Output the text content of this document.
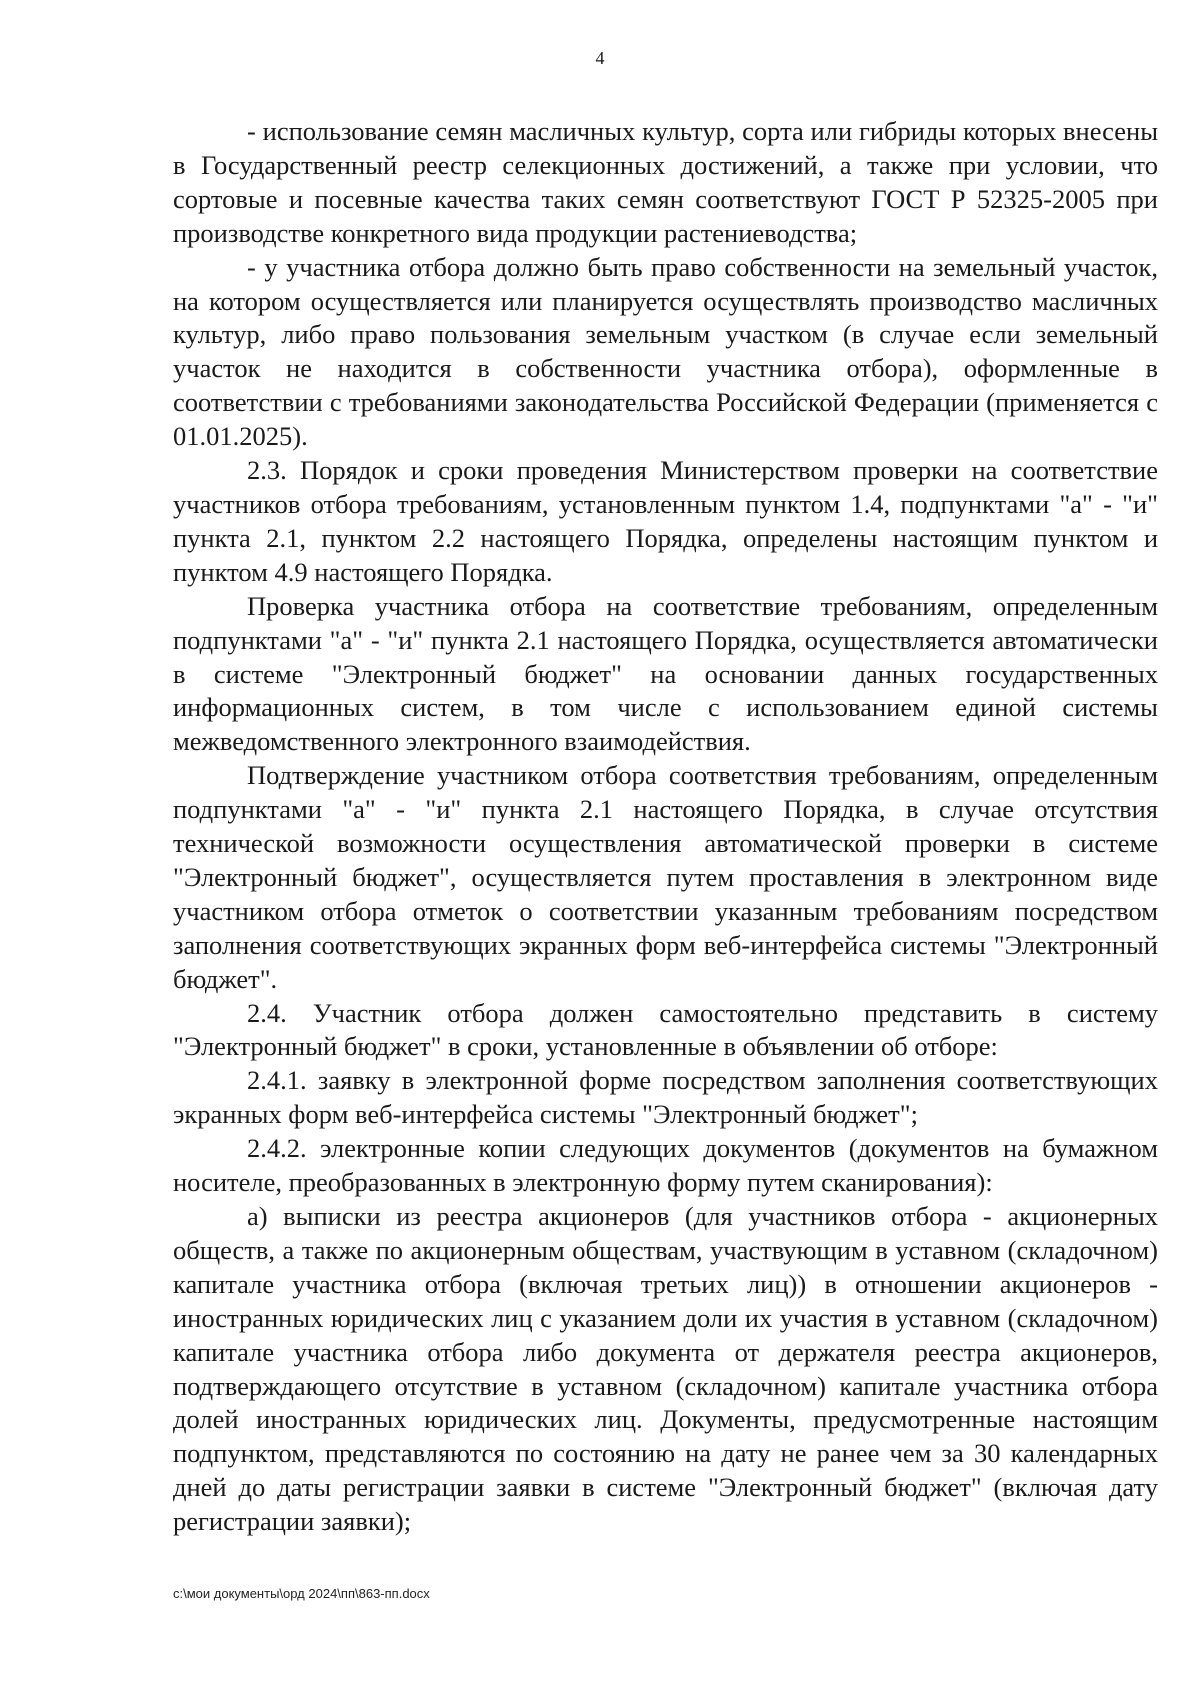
4

- использование семян масличных культур, сорта или гибриды которых внесены в Государственный реестр селекционных достижений, а также при условии, что сортовые и посевные качества таких семян соответствуют ГОСТ Р 52325-2005 при производстве конкретного вида продукции растениеводства;

- у участника отбора должно быть право собственности на земельный участок, на котором осуществляется или планируется осуществлять производство масличных культур, либо право пользования земельным участком (в случае если земельный участок не находится в собственности участника отбора), оформленные в соответствии с требованиями законодательства Российской Федерации (применяется с 01.01.2025).

2.3. Порядок и сроки проведения Министерством проверки на соответствие участников отбора требованиям, установленным пунктом 1.4, подпунктами "а" - "и" пункта 2.1, пунктом 2.2 настоящего Порядка, определены настоящим пунктом и пунктом 4.9 настоящего Порядка.

Проверка участника отбора на соответствие требованиям, определенным подпунктами "а" - "и" пункта 2.1 настоящего Порядка, осуществляется автоматически в системе "Электронный бюджет" на основании данных государственных информационных систем, в том числе с использованием единой системы межведомственного электронного взаимодействия.

Подтверждение участником отбора соответствия требованиям, определенным подпунктами "а" - "и" пункта 2.1 настоящего Порядка, в случае отсутствия технической возможности осуществления автоматической проверки в системе "Электронный бюджет", осуществляется путем проставления в электронном виде участником отбора отметок о соответствии указанным требованиям посредством заполнения соответствующих экранных форм веб-интерфейса системы "Электронный бюджет".

2.4. Участник отбора должен самостоятельно представить в систему "Электронный бюджет" в сроки, установленные в объявлении об отборе:

2.4.1. заявку в электронной форме посредством заполнения соответствующих экранных форм веб-интерфейса системы "Электронный бюджет";

2.4.2. электронные копии следующих документов (документов на бумажном носителе, преобразованных в электронную форму путем сканирования):

а) выписки из реестра акционеров (для участников отбора - акционерных обществ, а также по акционерным обществам, участвующим в уставном (складочном) капитале участника отбора (включая третьих лиц)) в отношении акционеров - иностранных юридических лиц с указанием доли их участия в уставном (складочном) капитале участника отбора либо документа от держателя реестра акционеров, подтверждающего отсутствие в уставном (складочном) капитале участника отбора долей иностранных юридических лиц. Документы, предусмотренные настоящим подпунктом, представляются по состоянию на дату не ранее чем за 30 календарных дней до даты регистрации заявки в системе "Электронный бюджет" (включая дату регистрации заявки);

c:\мои документы\орд 2024\пп\863-пп.docx
